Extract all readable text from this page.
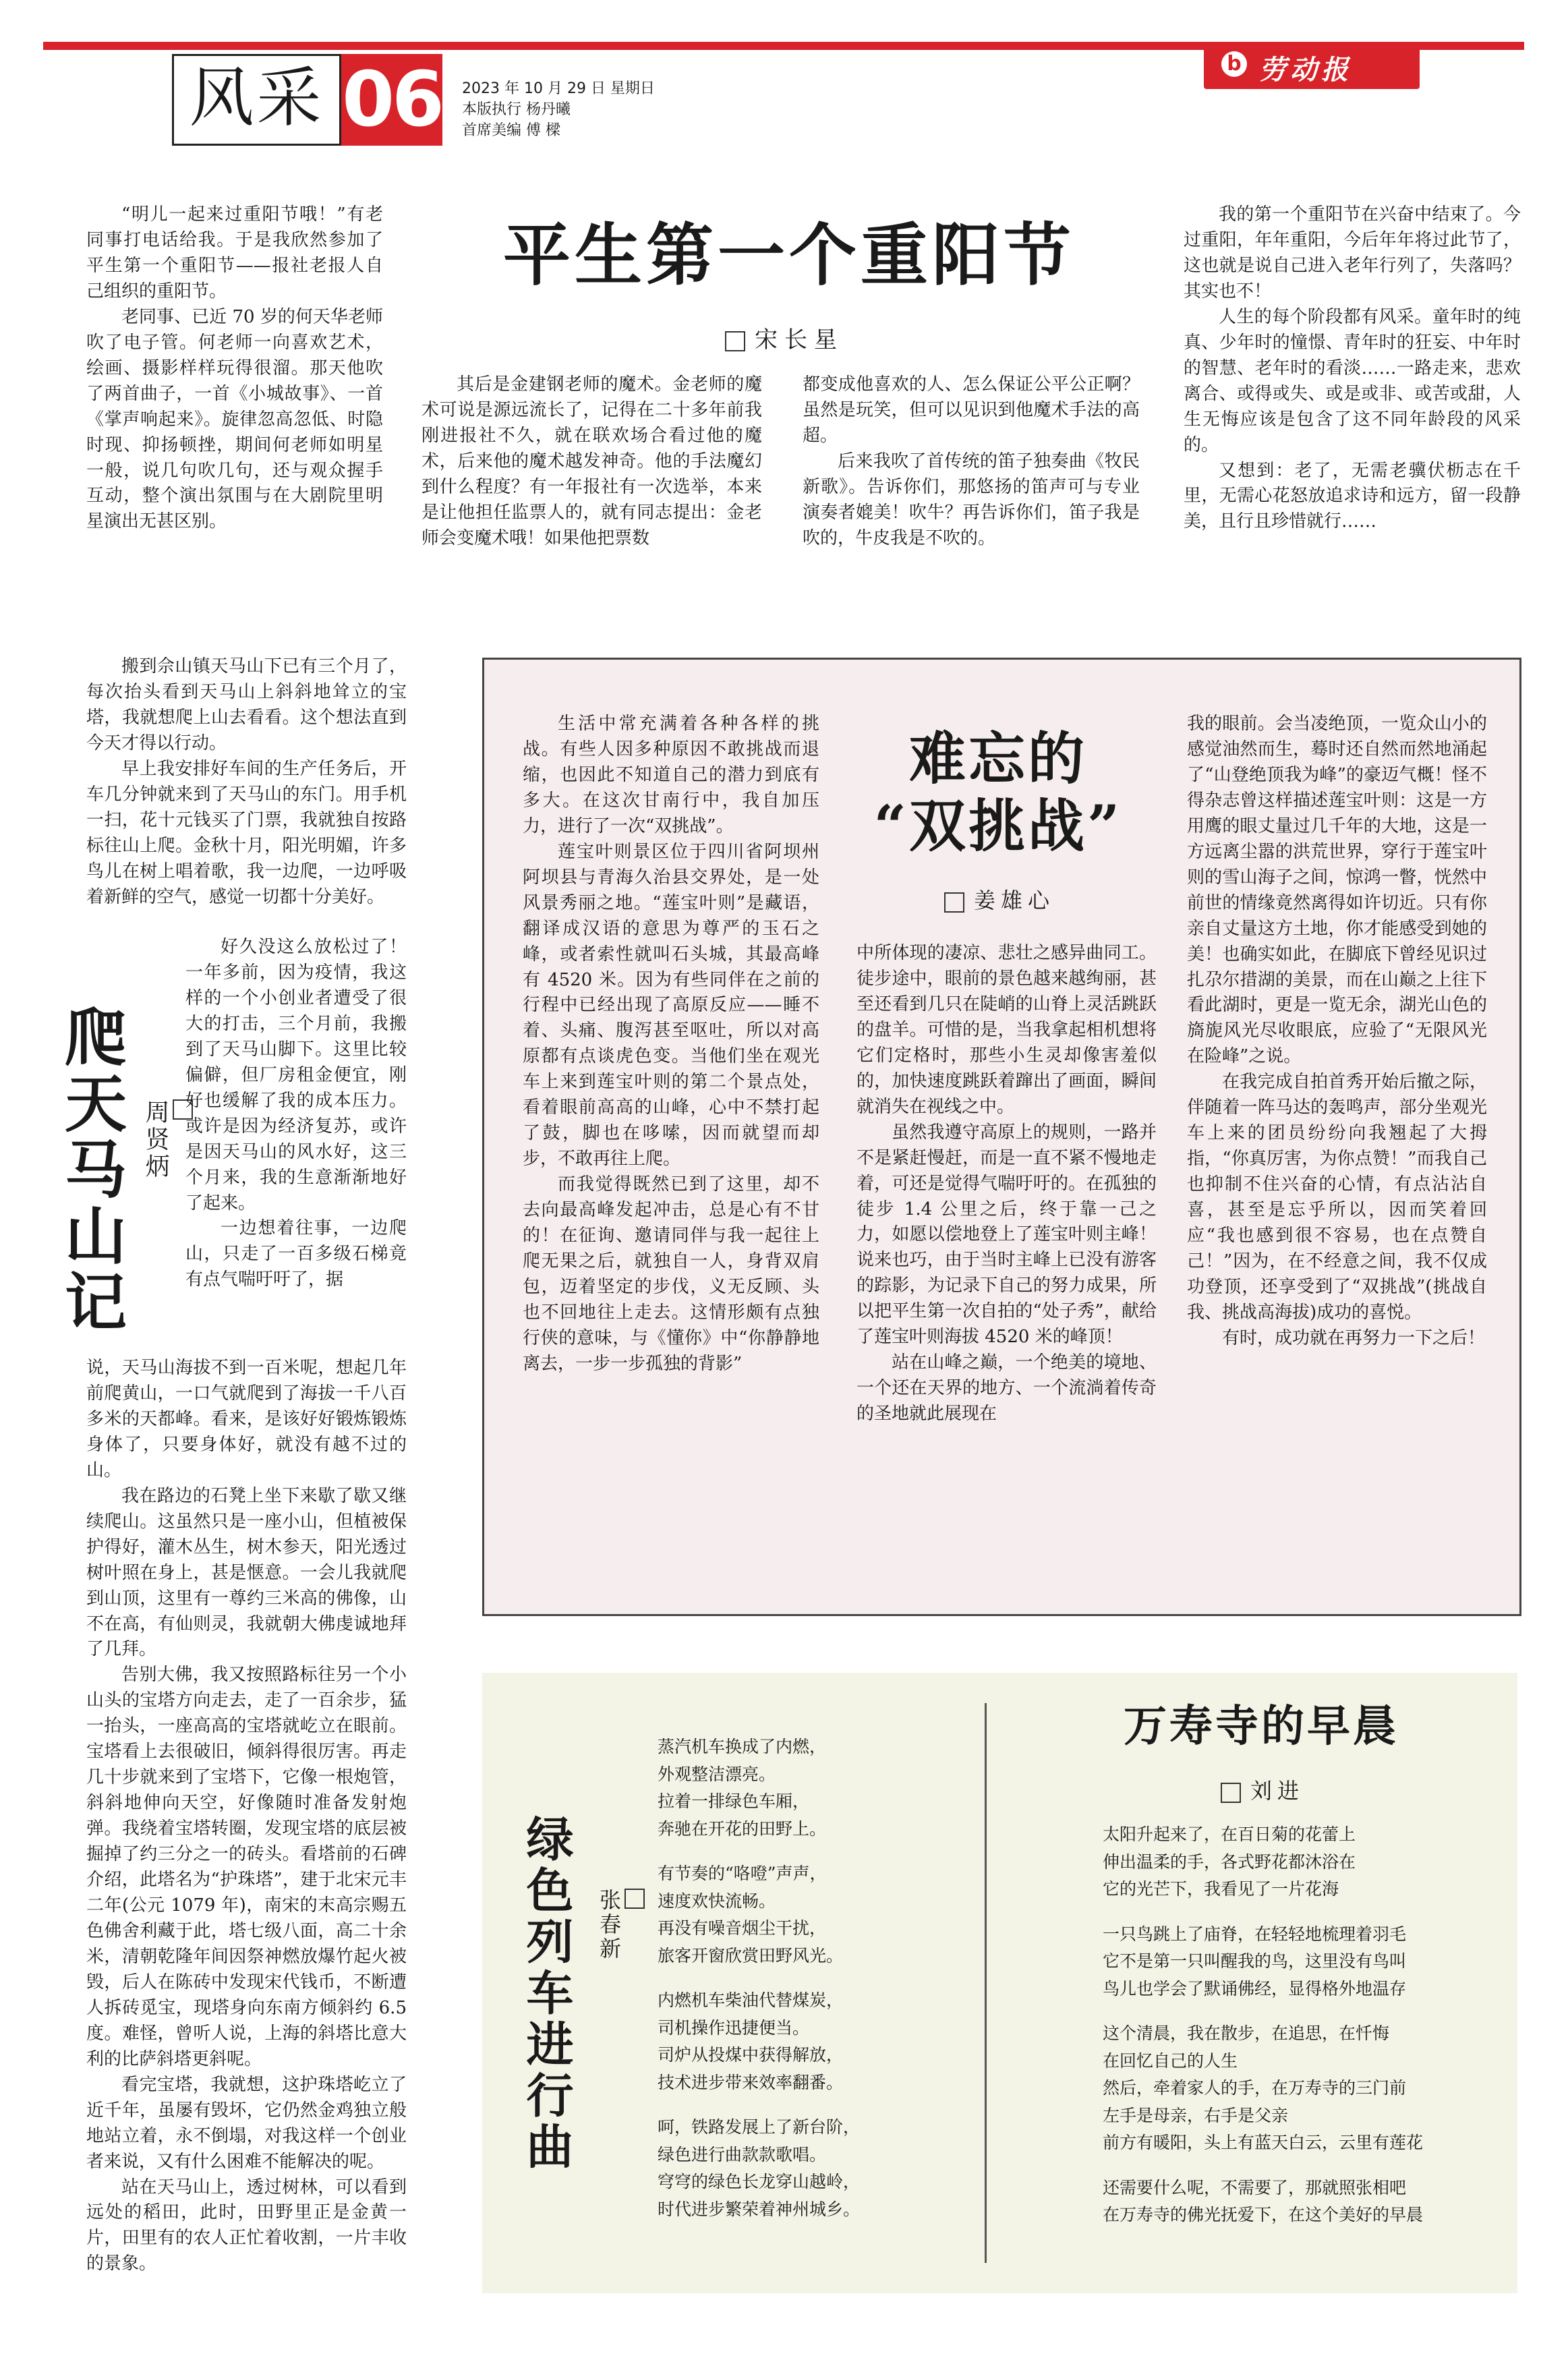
风采 06 2023 年 10 月 29 日 星期日
本版执行 杨丹曦
首席美编 傅 樑
b 劳动报

“明儿一起来过重阳节哦！”有老同事打电话给我。于是我欣然参加了平生第一个重阳节——报社老报人自己组织的重阳节。

老同事、已近 70 岁的何天华老师吹了电子管。何老师一向喜欢艺术，绘画、摄影样样玩得很溜。那天他吹了两首曲子，一首《小城故事》、一首《掌声响起来》。旋律忽高忽低、时隐时现、抑扬顿挫，期间何老师如明星一般，说几句吹几句，还与观众握手互动，整个演出氛围与在大剧院里明星演出无甚区别。

平生第一个重阳节
宋长星

其后是金建钢老师的魔术。金老师的魔术可说是源远流长了，记得在二十多年前我刚进报社不久，就在联欢场合看过他的魔术，后来他的魔术越发神奇。他的手法魔幻到什么程度？有一年报社有一次选举，本来是让他担任监票人的，就有同志提出：金老师会变魔术哦！如果他把票数

都变成他喜欢的人、怎么保证公平公正啊？虽然是玩笑，但可以见识到他魔术手法的高超。

后来我吹了首传统的笛子独奏曲《牧民新歌》。告诉你们，那悠扬的笛声可与专业演奏者媲美！吹牛？再告诉你们，笛子我是吹的，牛皮我是不吹的。

我的第一个重阳节在兴奋中结束了。今过重阳，年年重阳，今后年年将过此节了，这也就是说自己进入老年行列了，失落吗？其实也不！

人生的每个阶段都有风采。童年时的纯真、少年时的憧憬、青年时的狂妄、中年时的智慧、老年时的看淡……一路走来，悲欢离合、或得或失、或是或非、或苦或甜，人生无悔应该是包含了这不同年龄段的风采的。

又想到：老了，无需老骥伏枥志在千里，无需心花怒放追求诗和远方，留一段静美，且行且珍惜就行……

搬到佘山镇天马山下已有三个月了，每次抬头看到天马山上斜斜地耸立的宝塔，我就想爬上山去看看。这个想法直到今天才得以行动。

早上我安排好车间的生产任务后，开车几分钟就来到了天马山的东门。用手机一扫，花十元钱买了门票，我就独自按路标往山上爬。金秋十月，阳光明媚，许多鸟儿在树上唱着歌，我一边爬，一边呼吸着新鲜的空气，感觉一切都十分美好。

爬天马山记 周贤炳

好久没这么放松过了！一年多前，因为疫情，我这样的一个小创业者遭受了很大的打击，三个月前，我搬到了天马山脚下。这里比较偏僻，但厂房租金便宜，刚好也缓解了我的成本压力。或许是因为经济复苏，或许是因天马山的风水好，这三个月来，我的生意渐渐地好了起来。

一边想着往事，一边爬山，只走了一百多级石梯竟有点气喘吁吁了，据

说，天马山海拔不到一百米呢，想起几年前爬黄山，一口气就爬到了海拔一千八百多米的天都峰。看来，是该好好锻炼锻炼身体了，只要身体好，就没有越不过的山。

我在路边的石凳上坐下来歇了歇又继续爬山。这虽然只是一座小山，但植被保护得好，灌木丛生，树木参天，阳光透过树叶照在身上，甚是惬意。一会儿我就爬到山顶，这里有一尊约三米高的佛像，山不在高，有仙则灵，我就朝大佛虔诚地拜了几拜。

告别大佛，我又按照路标往另一个小山头的宝塔方向走去，走了一百余步，猛一抬头，一座高高的宝塔就屹立在眼前。宝塔看上去很破旧，倾斜得很厉害。再走几十步就来到了宝塔下，它像一根炮管，斜斜地伸向天空，好像随时准备发射炮弹。我绕着宝塔转圈，发现宝塔的底层被掘掉了约三分之一的砖头。看塔前的石碑介绍，此塔名为“护珠塔”，建于北宋元丰二年(公元 1079 年)，南宋的末高宗赐五色佛舍利藏于此，塔七级八面，高二十余米，清朝乾隆年间因祭神燃放爆竹起火被毁，后人在陈砖中发现宋代钱币，不断遭人拆砖觅宝，现塔身向东南方倾斜约 6.5 度。难怪，曾听人说，上海的斜塔比意大利的比萨斜塔更斜呢。

看完宝塔，我就想，这护珠塔屹立了近千年，虽屡有毁坏，它仍然金鸡独立般地站立着，永不倒塌，对我这样一个创业者来说，又有什么困难不能解决的呢。

站在天马山上，透过树林，可以看到远处的稻田，此时，田野里正是金黄一片，田里有的农人正忙着收割，一片丰收的景象。

生活中常充满着各种各样的挑战。有些人因多种原因不敢挑战而退缩，也因此不知道自己的潜力到底有多大。在这次甘南行中，我自加压力，进行了一次“双挑战”。

莲宝叶则景区位于四川省阿坝州阿坝县与青海久治县交界处，是一处风景秀丽之地。“莲宝叶则”是藏语，翻译成汉语的意思为尊严的玉石之峰，或者索性就叫石头城，其最高峰有 4520 米。因为有些同伴在之前的行程中已经出现了高原反应——睡不着、头痛、腹泻甚至呕吐，所以对高原都有点谈虎色变。当他们坐在观光车上来到莲宝叶则的第二个景点处，看着眼前高高的山峰，心中不禁打起了鼓，脚也在哆嗦，因而就望而却步，不敢再往上爬。

而我觉得既然已到了这里，却不去向最高峰发起冲击，总是心有不甘的！在征询、邀请同伴与我一起往上爬无果之后，就独自一人，身背双肩包，迈着坚定的步伐，义无反顾、头也不回地往上走去。这情形颇有点独行侠的意味，与《懂你》中“你静静地离去，一步一步孤独的背影”

难忘的
“双挑战”
姜雄心

中所体现的凄凉、悲壮之感异曲同工。徒步途中，眼前的景色越来越绚丽，甚至还看到几只在陡峭的山脊上灵活跳跃的盘羊。可惜的是，当我拿起相机想将它们定格时，那些小生灵却像害羞似的，加快速度跳跃着蹿出了画面，瞬间就消失在视线之中。

虽然我遵守高原上的规则，一路并不是紧赶慢赶，而是一直不紧不慢地走着，可还是觉得气喘吁吁的。在孤独的徒步 1.4 公里之后，终于靠一己之力，如愿以偿地登上了莲宝叶则主峰！说来也巧，由于当时主峰上已没有游客的踪影，为记录下自己的努力成果，所以把平生第一次自拍的“处子秀”，献给了莲宝叶则海拔 4520 米的峰顶！

站在山峰之巅，一个绝美的境地、一个还在天界的地方、一个流淌着传奇的圣地就此展现在

我的眼前。会当凌绝顶，一览众山小的感觉油然而生，蓦时还自然而然地涌起了“山登绝顶我为峰”的豪迈气概！怪不得杂志曾这样描述莲宝叶则：这是一方用鹰的眼丈量过几千年的大地，这是一方远离尘嚣的洪荒世界，穿行于莲宝叶则的雪山海子之间，惊鸿一瞥，恍然中前世的情缘竟然离得如许切近。只有你亲自丈量这方土地，你才能感受到她的美！也确实如此，在脚底下曾经见识过扎尕尔措湖的美景，而在山巅之上往下看此湖时，更是一览无余，湖光山色的旖旎风光尽收眼底，应验了“无限风光在险峰”之说。

在我完成自拍首秀开始后撤之际，伴随着一阵马达的轰鸣声，部分坐观光车上来的团员纷纷向我翘起了大拇指，“你真厉害，为你点赞！”而我自己也抑制不住兴奋的心情，有点沾沾自喜，甚至是忘乎所以，因而笑着回应“我也感到很不容易，也在点赞自己！”因为，在不经意之间，我不仅成功登顶，还享受到了“双挑战”(挑战自我、挑战高海拔)成功的喜悦。

有时，成功就在再努力一下之后！

绿色列车进行曲 张春新

蒸汽机车换成了内燃，
外观整洁漂亮。
拉着一排绿色车厢，
奔驰在开花的田野上。

有节奏的“咯噔”声声，
速度欢快流畅。
再没有噪音烟尘干扰，
旅客开窗欣赏田野风光。

内燃机车柴油代替煤炭，
司机操作迅捷便当。
司炉从投煤中获得解放，
技术进步带来效率翻番。

呵，铁路发展上了新台阶，
绿色进行曲款款歌唱。
穹穹的绿色长龙穿山越岭，
时代进步繁荣着神州城乡。

万寿寺的早晨
刘进

太阳升起来了，在百日菊的花蕾上
伸出温柔的手，各式野花都沐浴在
它的光芒下，我看见了一片花海

一只鸟跳上了庙脊，在轻轻地梳理着羽毛
它不是第一只叫醒我的鸟，这里没有鸟叫
鸟儿也学会了默诵佛经，显得格外地温存

这个清晨，我在散步，在追思，在忏悔
在回忆自己的人生
然后，牵着家人的手，在万寿寺的三门前
左手是母亲，右手是父亲
前方有暖阳，头上有蓝天白云，云里有莲花

还需要什么呢，不需要了，那就照张相吧
在万寿寺的佛光抚爱下，在这个美好的早晨
